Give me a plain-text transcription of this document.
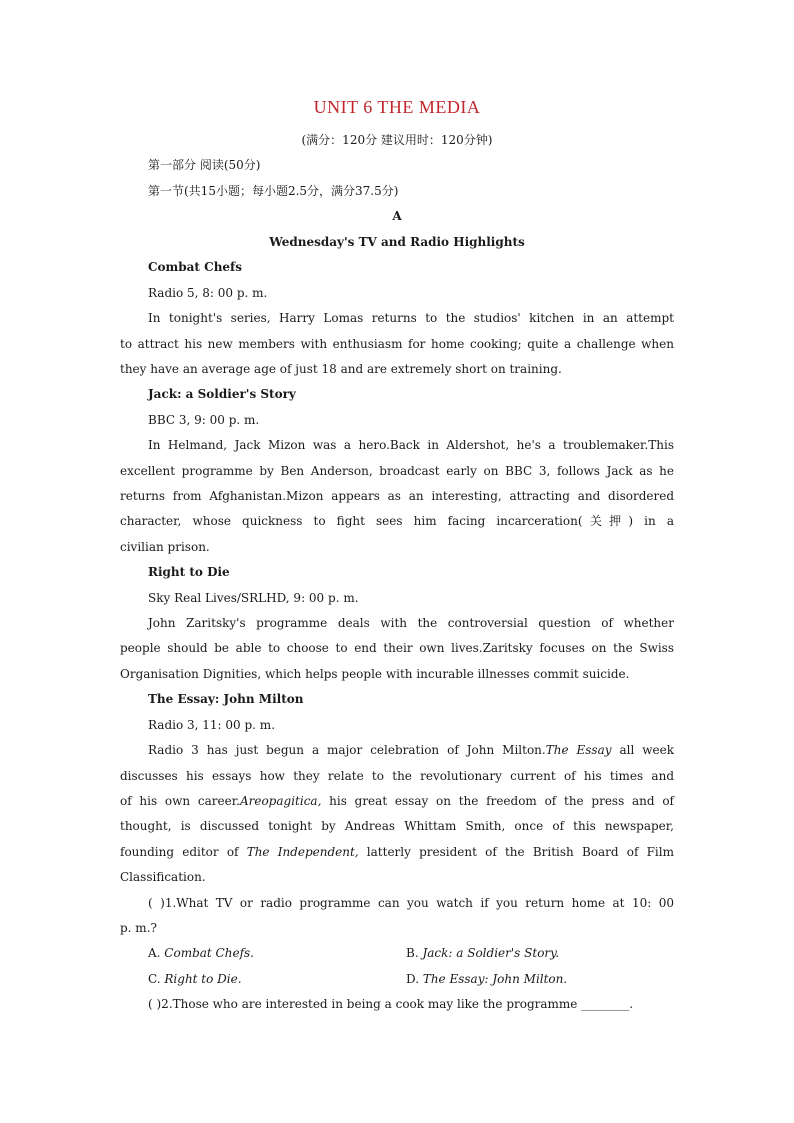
UNIT 6 THE MEDIA
(满分：120分 建议用时：120分钟)
第一部分 阅读(50分)
第一节(共15小题；每小题2.5分，满分37.5分)
A
Wednesday's TV and Radio Highlights
Combat Chefs
Radio 5, 8: 00 p. m.
In tonight's series, Harry Lomas returns to the studios' kitchen in an attempt
to attract his new members with enthusiasm for home cooking; quite a challenge when
they have an average age of just 18 and are extremely short on training.
Jack: a Soldier's Story
BBC 3, 9: 00 p. m.
In Helmand, Jack Mizon was a hero.Back in Aldershot, he's a troublemaker.This
excellent programme by Ben Anderson, broadcast early on BBC 3, follows Jack as he
returns from Afghanistan.Mizon appears as an interesting, attracting and disordered
character, whose quickness to fight sees him facing incarceration(关押) in a
civilian prison.
Right to Die
Sky Real Lives/SRLHD, 9: 00 p. m.
John Zaritsky's programme deals with the controversial question of whether
people should be able to choose to end their own lives.Zaritsky focuses on the Swiss
Organisation Dignities, which helps people with incurable illnesses commit suicide.
The Essay: John Milton
Radio 3, 11: 00 p. m.
Radio 3 has just begun a major celebration of John Milton.The Essay all week
discusses his essays how they relate to the revolutionary current of his times and
of his own career.Areopagitica, his great essay on the freedom of the press and of
thought, is discussed tonight by Andreas Whittam Smith, once of this newspaper,
founding editor of The Independent, latterly president of the British Board of Film
Classification.
( )1.What TV or radio programme can you watch if you return home at 10: 00
p. m.?
A. Combat Chefs.	B. Jack: a Soldier's Story.
C. Right to Die.	D. The Essay: John Milton.
( )2.Those who are interested in being a cook may like the programme ________.
